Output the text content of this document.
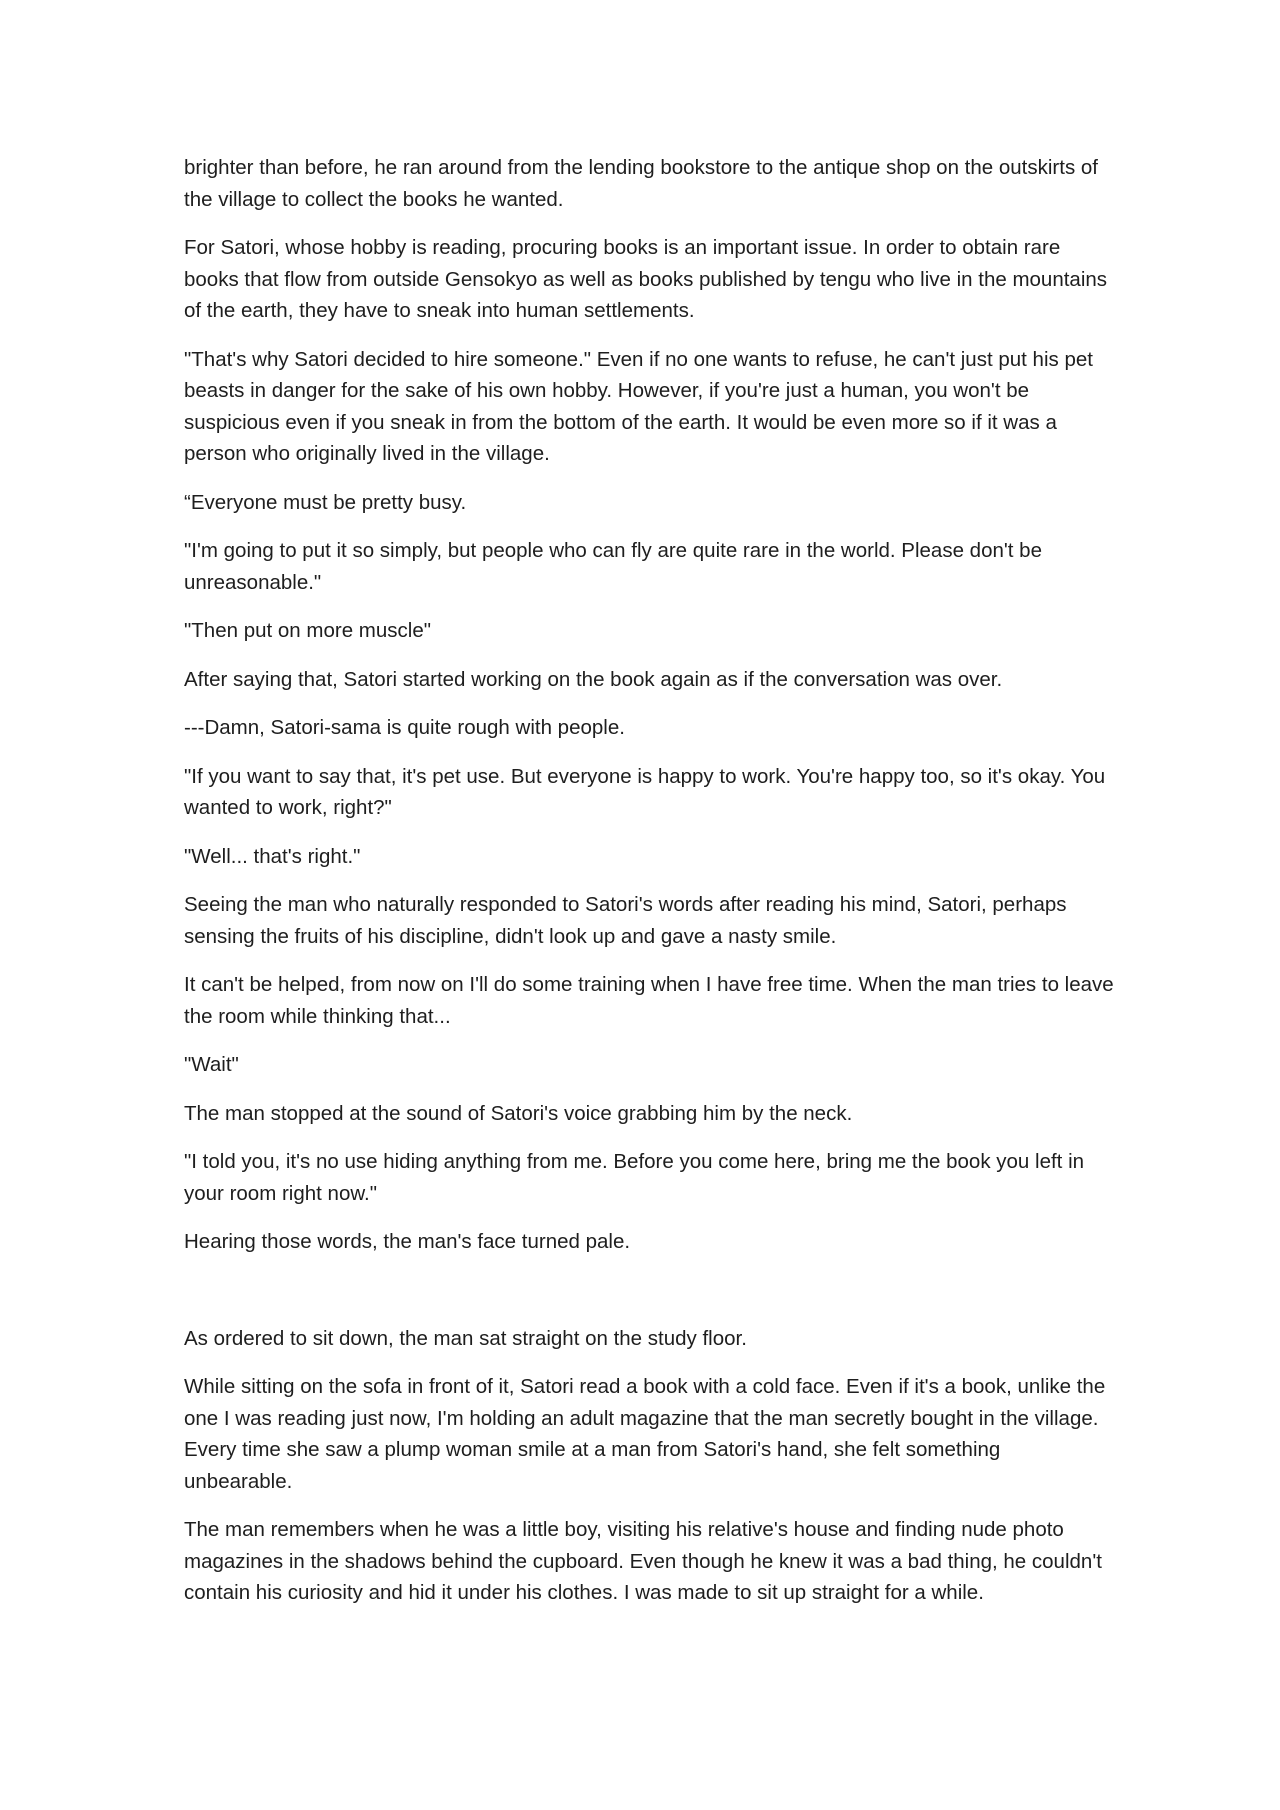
brighter than before, he ran around from the lending bookstore to the antique shop on the outskirts of the village to collect the books he wanted.

For Satori, whose hobby is reading, procuring books is an important issue. In order to obtain rare books that flow from outside Gensokyo as well as books published by tengu who live in the mountains of the earth, they have to sneak into human settlements.

"That's why Satori decided to hire someone." Even if no one wants to refuse, he can't just put his pet beasts in danger for the sake of his own hobby. However, if you're just a human, you won't be suspicious even if you sneak in from the bottom of the earth. It would be even more so if it was a person who originally lived in the village.

“Everyone must be pretty busy.

"I'm going to put it so simply, but people who can fly are quite rare in the world. Please don't be unreasonable."

"Then put on more muscle"

After saying that, Satori started working on the book again as if the conversation was over.

---Damn, Satori-sama is quite rough with people.

"If you want to say that, it's pet use. But everyone is happy to work. You're happy too, so it's okay. You wanted to work, right?"

"Well... that's right."

Seeing the man who naturally responded to Satori's words after reading his mind, Satori, perhaps sensing the fruits of his discipline, didn't look up and gave a nasty smile.

It can't be helped, from now on I'll do some training when I have free time. When the man tries to leave the room while thinking that...

"Wait"

The man stopped at the sound of Satori's voice grabbing him by the neck.

"I told you, it's no use hiding anything from me. Before you come here, bring me the book you left in your room right now."

Hearing those words, the man's face turned pale.

As ordered to sit down, the man sat straight on the study floor.

While sitting on the sofa in front of it, Satori read a book with a cold face. Even if it's a book, unlike the one I was reading just now, I'm holding an adult magazine that the man secretly bought in the village. Every time she saw a plump woman smile at a man from Satori's hand, she felt something unbearable.

The man remembers when he was a little boy, visiting his relative's house and finding nude photo magazines in the shadows behind the cupboard. Even though he knew it was a bad thing, he couldn't contain his curiosity and hid it under his clothes. I was made to sit up straight for a while.
